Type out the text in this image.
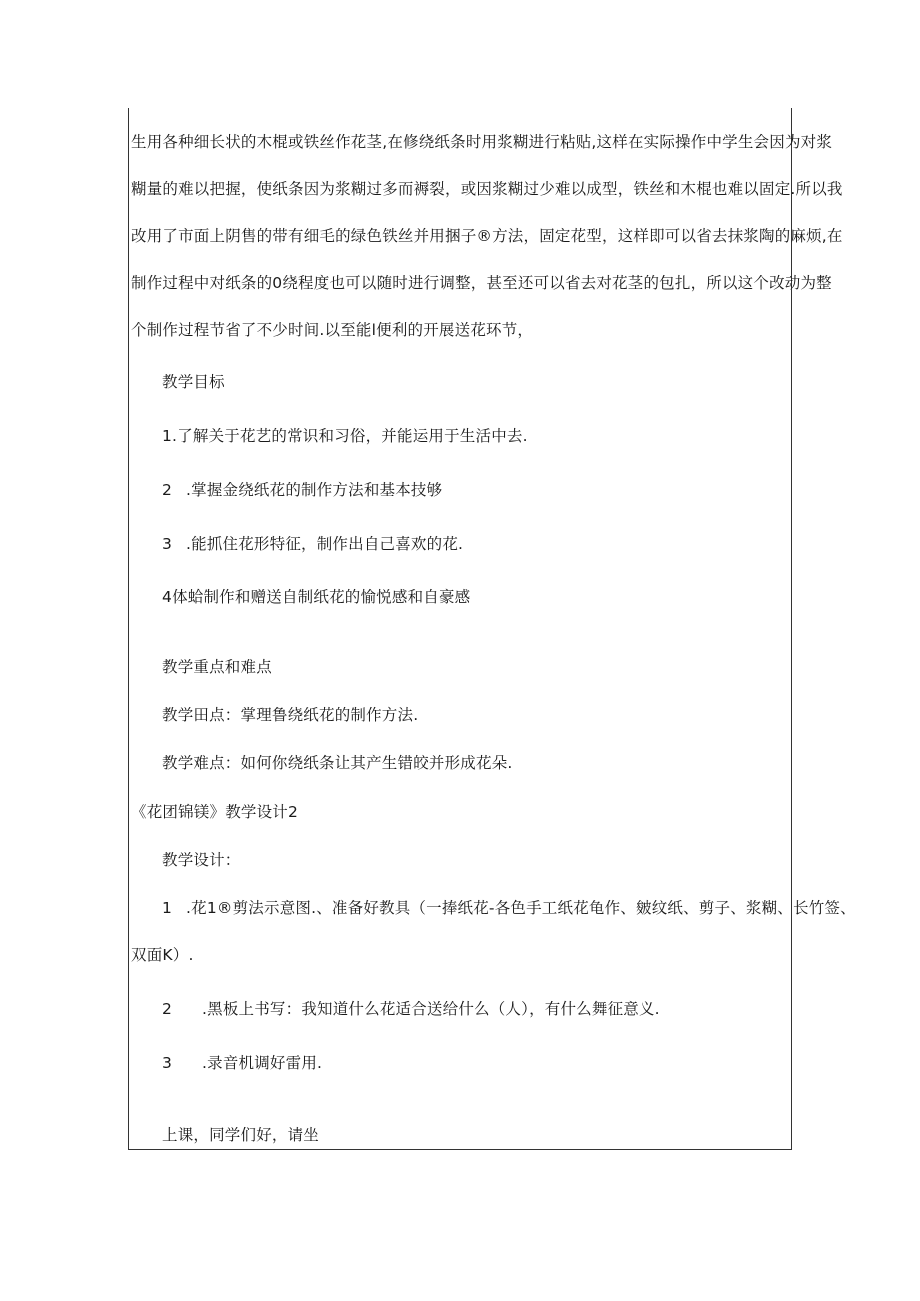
生用各种细长状的木棍或铁丝作花茎,在修绕纸条时用浆糊进行粘贴,这样在实际操作中学生会因为对浆
糊量的难以把握，使纸条因为浆糊过多而褥裂，或因浆糊过少难以成型，铁丝和木棍也难以固定.所以我
改用了市面上阴售的带有细毛的绿色铁丝并用捆子®方法，固定花型，这样即可以省去抹浆陶的麻烦,在
制作过程中对纸条的0绕程度也可以随时进行调整，甚至还可以省去对花茎的包扎，所以这个改动为整
个制作过程节省了不少时间.以至能l便利的开展送花环节，
教学目标
1.了解关于花艺的常识和习俗，并能运用于生活中去.
2 .掌握金绕纸花的制作方法和基本技够
3 .能抓住花形特征，制作出自己喜欢的花.
4体蛤制作和赠送自制纸花的愉悦感和自豪感
教学重点和难点
教学田点：掌理鲁绕纸花的制作方法.
教学难点：如何你绕纸条让其产生错皎并形成花朵.
《花团锦镁》教学设计2
教学设计：
1 .花1®剪法示意图.、准备好教具（一捧纸花-各色手工纸花龟作、皴纹纸、剪子、浆糊、长竹签、
双面K）.
2 .黑板上书写：我知道什么花适合送给什么（人），有什么舞征意义.
3 .录音机调好雷用.
上课，同学们好，请坐
